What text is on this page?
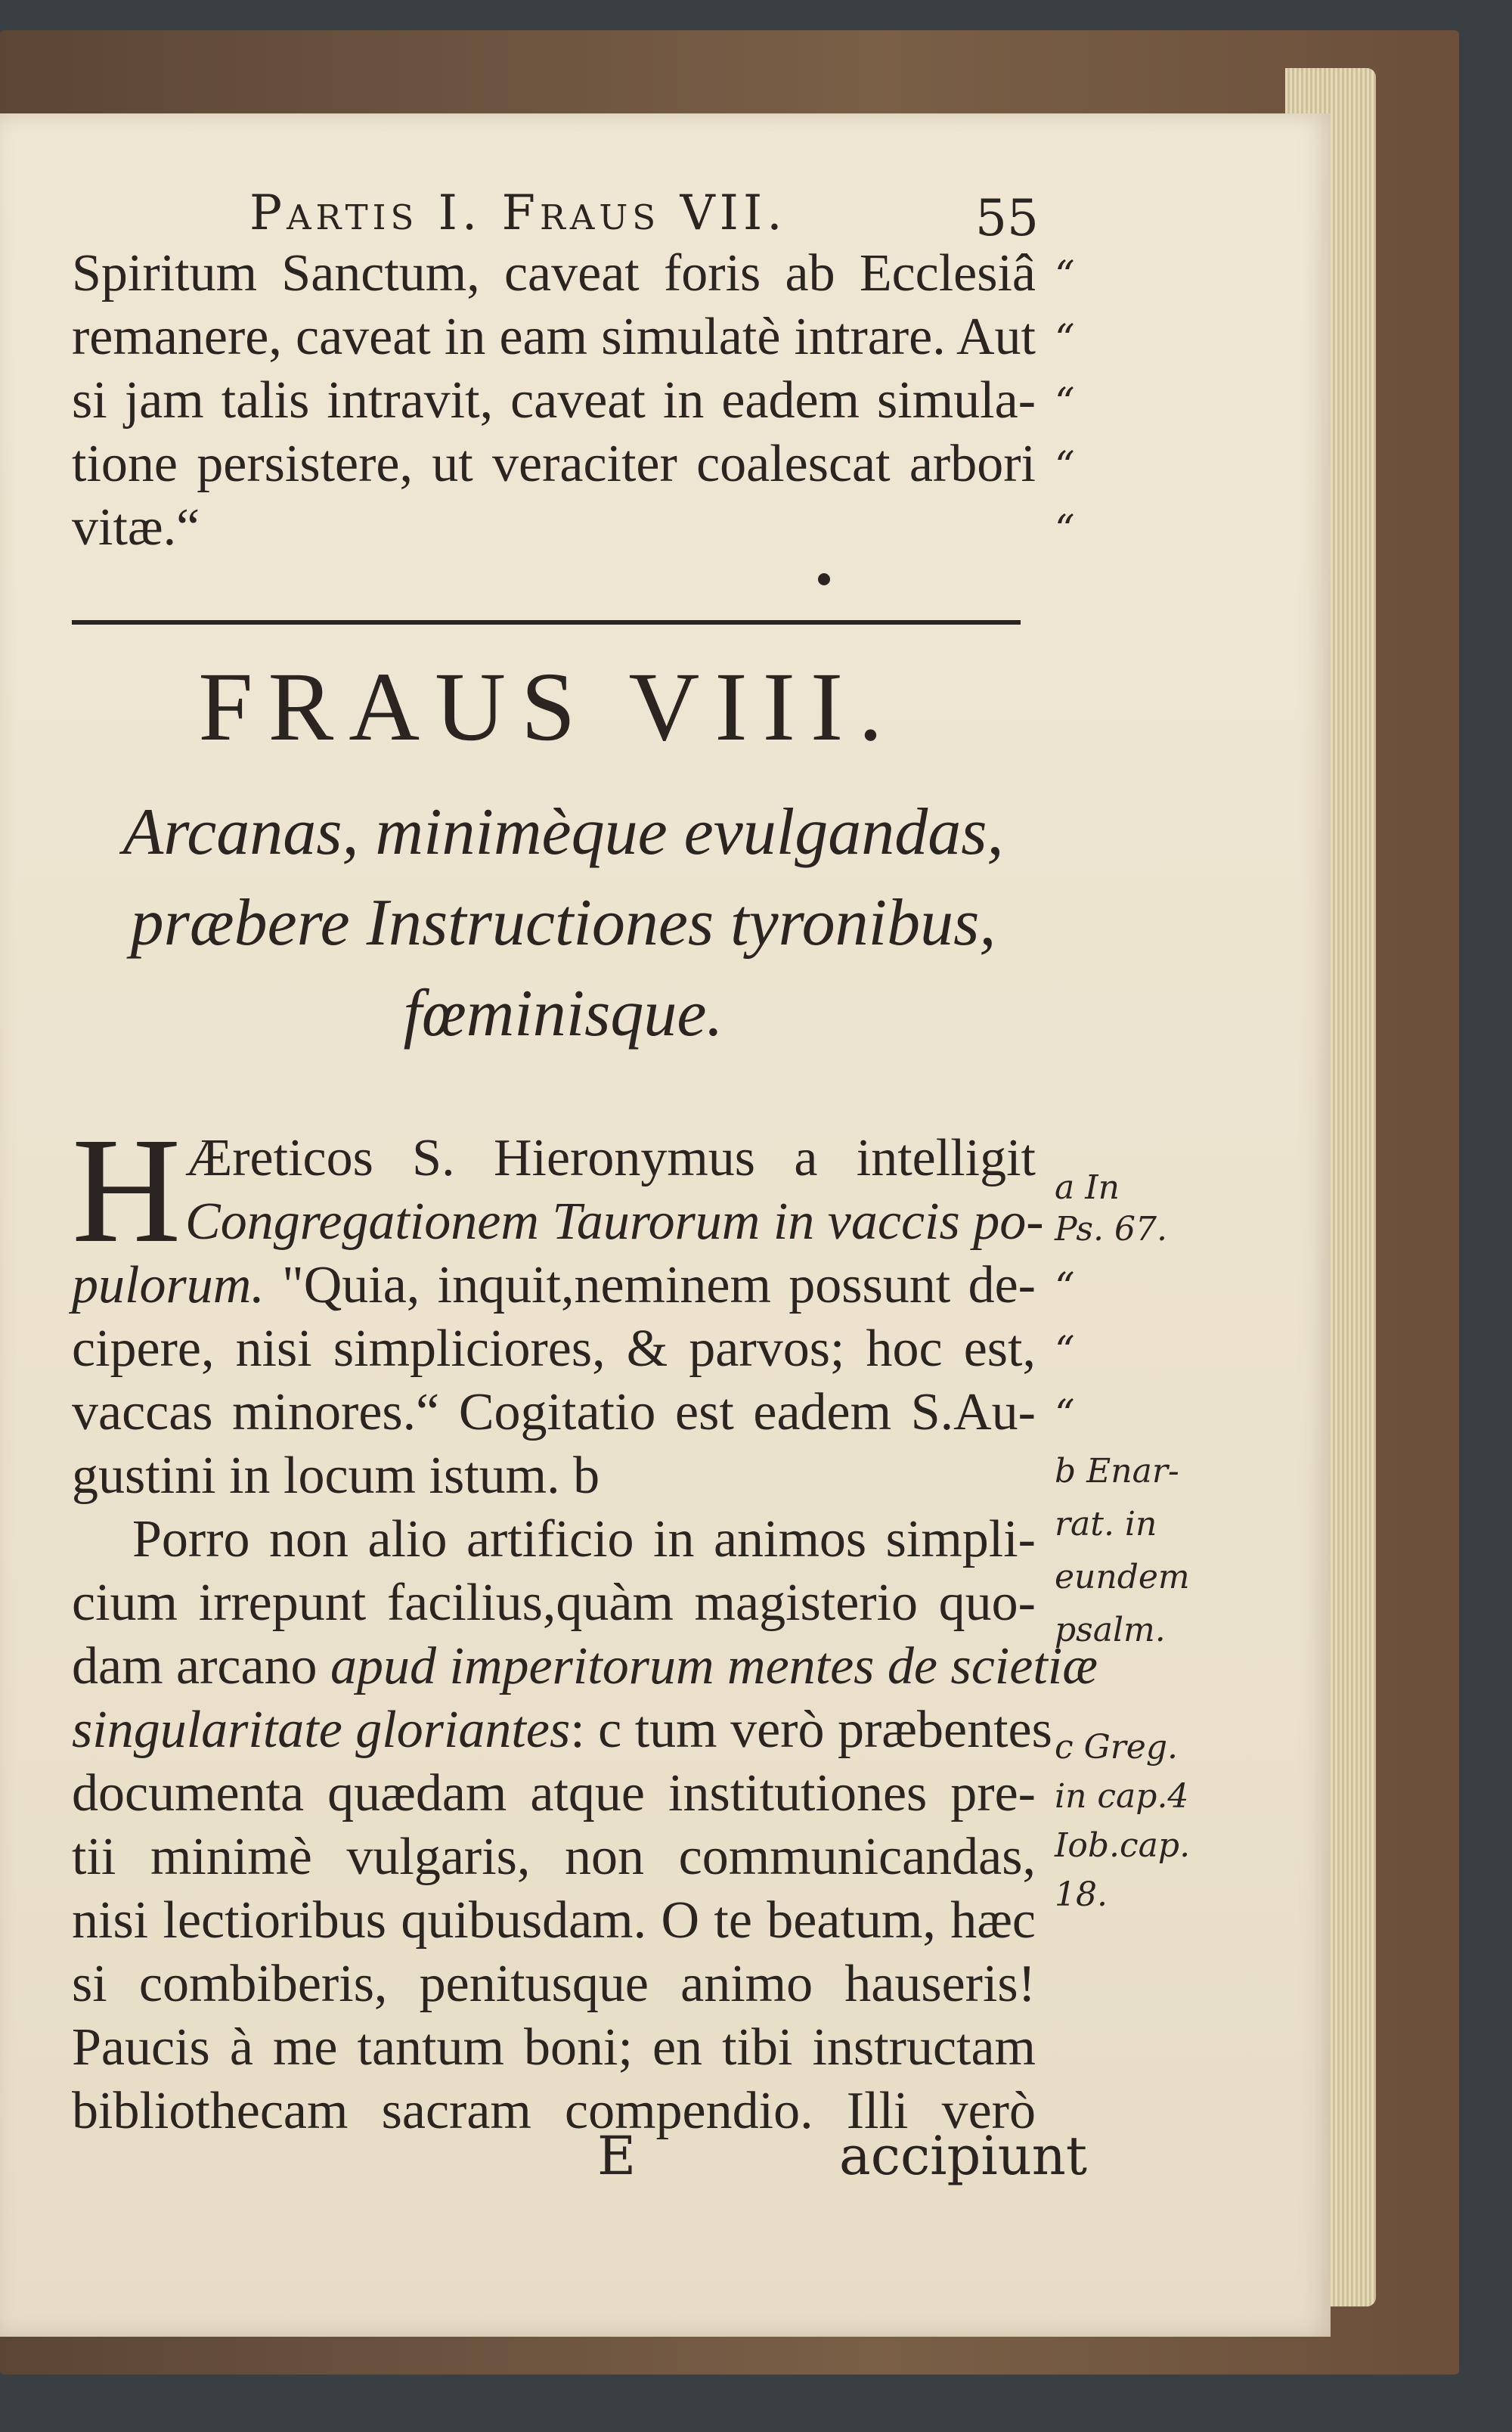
Partis I. Fraus VII.	55

Spiritum Sanctum, caveat foris ab Ecclesiâ

remanere, caveat in eam simulatè intrare. Aut

si jam talis intravit, caveat in eadem simula-

tione persistere, ut veraciter coalescat arbori

vitæ.“

“
“
“
“
“
FRAUS VIII.

Arcanas, minimèque evulgandas,

præbere Instructiones tyronibus,

fœminisque.

H Æreticos S. Hieronymus a intelligit

Congregationem Taurorum in vaccis po-

pulorum. "Quia, inquit,neminem possunt de-

cipere, nisi simpliciores, & parvos; hoc est,

vaccas minores.“ Cogitatio est eadem S.Au-

gustini in locum istum. b

Porro non alio artificio in animos simpli-

cium irrepunt facilius,quàm magisterio quo-

dam arcano apud imperitorum mentes de scietiæ

singularitate gloriantes: c tum verò præbentes

documenta quædam atque institutiones pre-

tii minimè vulgaris, non communicandas,

nisi lectioribus quibusdam. O te beatum, hæc

si combiberis, penitusque animo hauseris!

Paucis à me tantum boni; en tibi instructam

bibliothecam sacram compendio. Illi verò

“
“
“
a In
Ps. 67.
b Enar-
rat. in
eundem
psalm.
c Greg.
in cap.4
Iob.cap.
18.
E	accipiunt
